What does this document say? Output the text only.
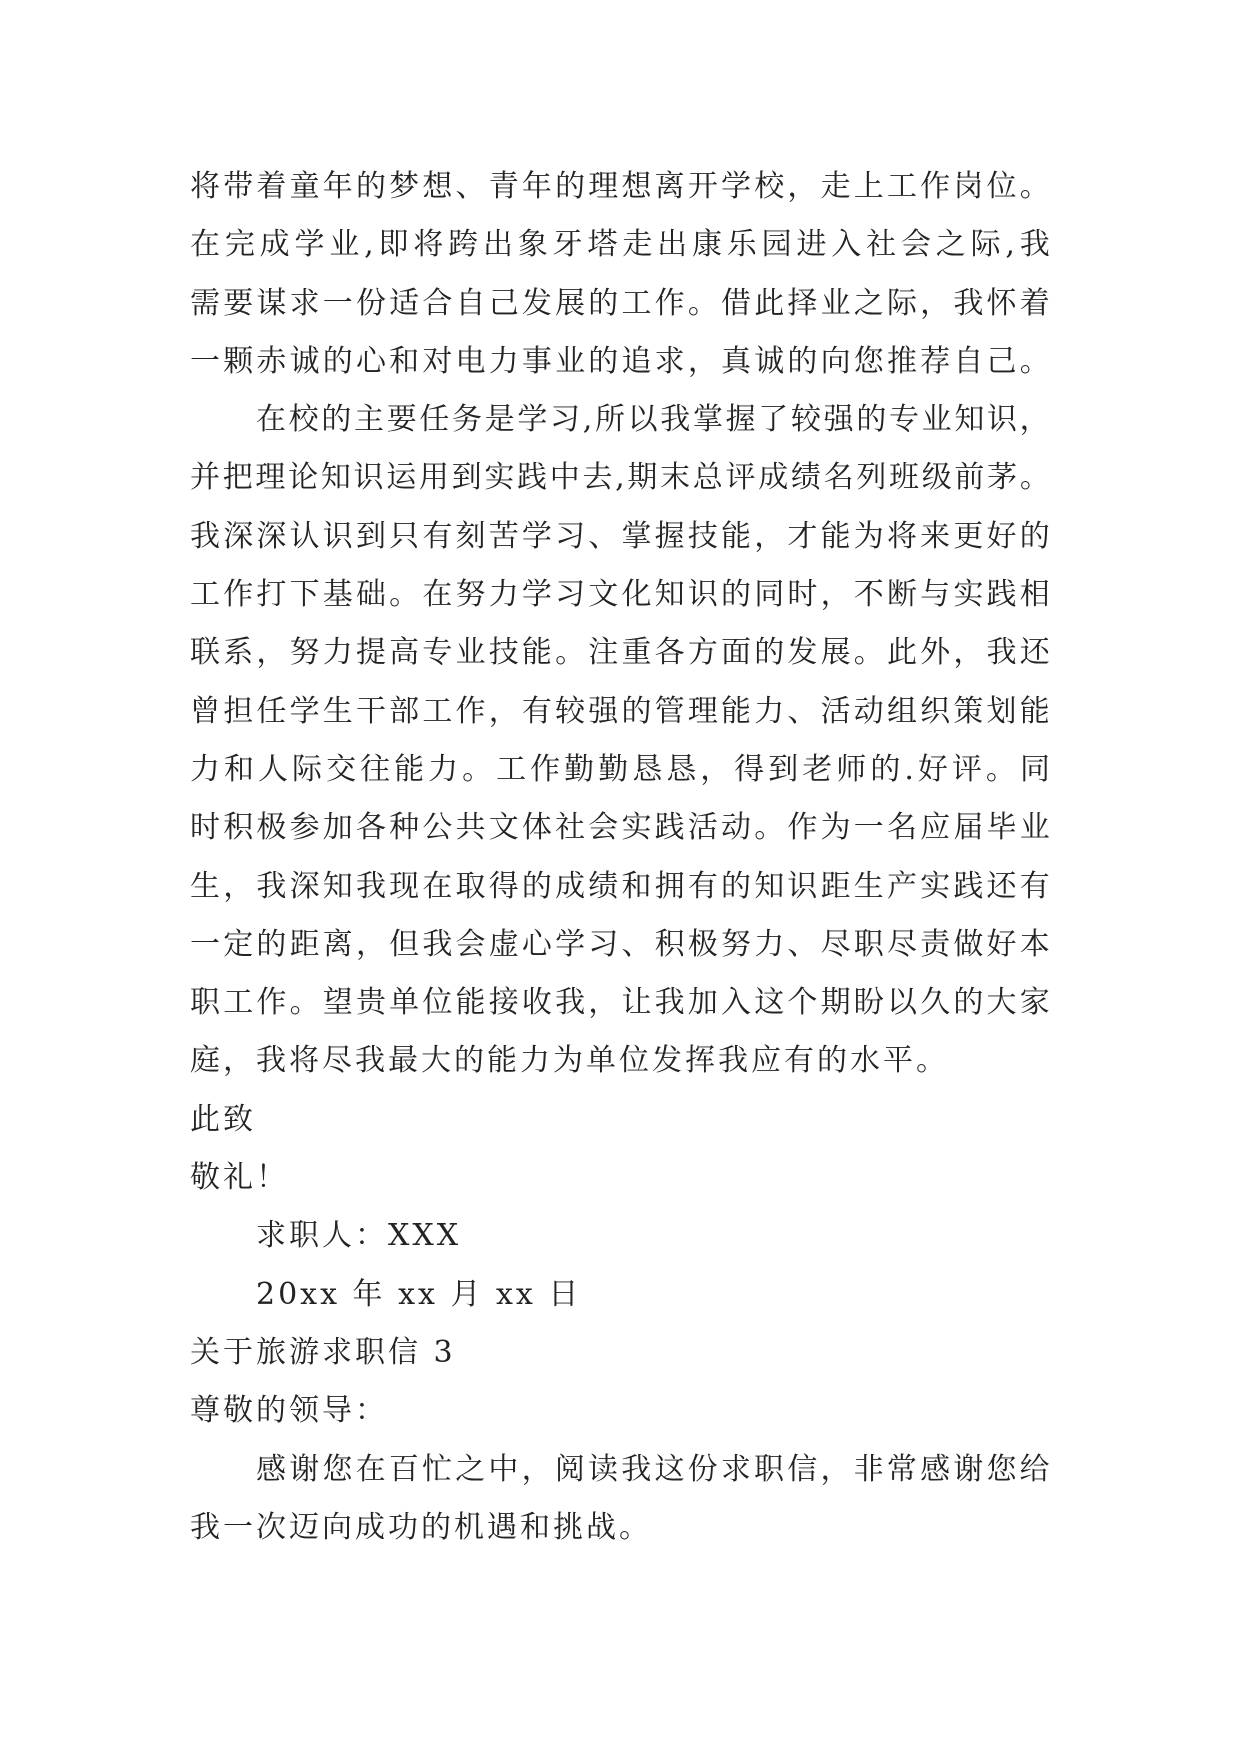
将 带 着 童 年 的 梦 想 、 青 年 的 理 想 离 开 学 校 ， 走 上 工 作 岗 位 。
在 完 成 学 业 , 即 将 跨 出 象 牙 塔 走 出 康 乐 园 进 入 社 会 之 际 , 我
需 要 谋 求 一 份 适 合 自 己 发 展 的 工 作 。 借 此 择 业 之 际 ， 我 怀 着
一 颗 赤 诚 的 心 和 对 电 力 事 业 的 追 求 ， 真 诚 的 向 您 推 荐 自 己 。
在 校 的 主 要 任 务 是 学 习 , 所 以 我 掌 握 了 较 强 的 专 业 知 识 ，
并 把 理 论 知 识 运 用 到 实 践 中 去 , 期 末 总 评 成 绩 名 列 班 级 前 茅 。
我 深 深 认 识 到 只 有 刻 苦 学 习 、 掌 握 技 能 ， 才 能 为 将 来 更 好 的
工 作 打 下 基 础 。 在 努 力 学 习 文 化 知 识 的 同 时 ， 不 断 与 实 践 相
联 系 ， 努 力 提 高 专 业 技 能 。 注 重 各 方 面 的 发 展 。 此 外 ， 我 还
曾 担 任 学 生 干 部 工 作 ， 有 较 强 的 管 理 能 力 、 活 动 组 织 策 划 能
力 和 人 际 交 往 能 力 。 工 作 勤 勤 恳 恳 ， 得 到 老 师 的 . 好 评 。 同
时 积 极 参 加 各 种 公 共 文 体 社 会 实 践 活 动 。 作 为 一 名 应 届 毕 业
生 ， 我 深 知 我 现 在 取 得 的 成 绩 和 拥 有 的 知 识 距 生 产 实 践 还 有
一 定 的 距 离 ， 但 我 会 虚 心 学 习 、 积 极 努 力 、 尽 职 尽 责 做 好 本
职 工 作 。 望 贵 单 位 能 接 收 我 ， 让 我 加 入 这 个 期 盼 以 久 的 大 家
庭，我将尽我最大的能力为单位发挥我应有的水平。
此致
敬礼！
求职人：XXX
20xx 年 xx 月 xx 日
关于旅游求职信 3
尊敬的领导：
感 谢 您 在 百 忙 之 中 ， 阅 读 我 这 份 求 职 信 ， 非 常 感 谢 您 给
我一次迈向成功的机遇和挑战。
